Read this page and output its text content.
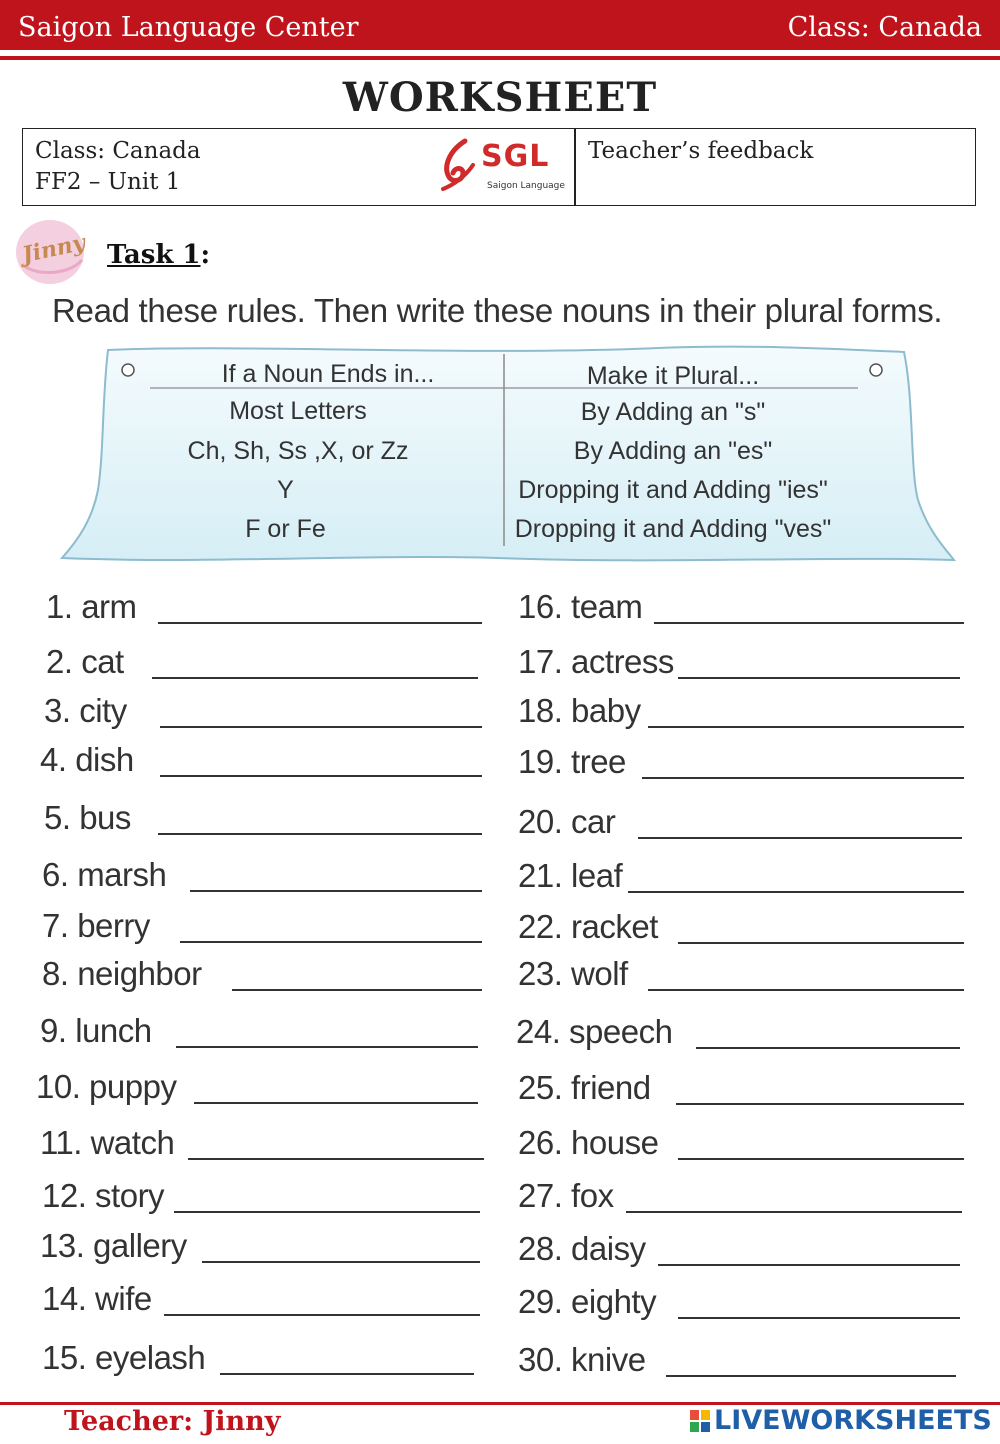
Saigon Language Center	Class: Canada
WORKSHEET
Class: Canada
FF2 – Unit 1
SGL
Saigon Language
Teacher’s feedback
Jinny Task 1:
Read these rules. Then write these nouns in their plural forms.
If a Noun Ends in...	Make it Plural...
Most Letters	By Adding an "s"
Ch, Sh, Ss ,X, or Zz	By Adding an "es"
Y	Dropping it and Adding "ies"
F or Fe	Dropping it and Adding "ves"
1. arm
2. cat
3. city
4. dish
5. bus
6. marsh
7. berry
8. neighbor
9. lunch
10. puppy
11. watch
12. story
13. gallery
14. wife
15. eyelash
16. team
17. actress
18. baby
19. tree
20. car
21. leaf
22. racket
23. wolf
24. speech
25. friend
26. house
27. fox
28. daisy
29. eighty
30. knive
Teacher: Jinny	LIVEWORKSHEETS
